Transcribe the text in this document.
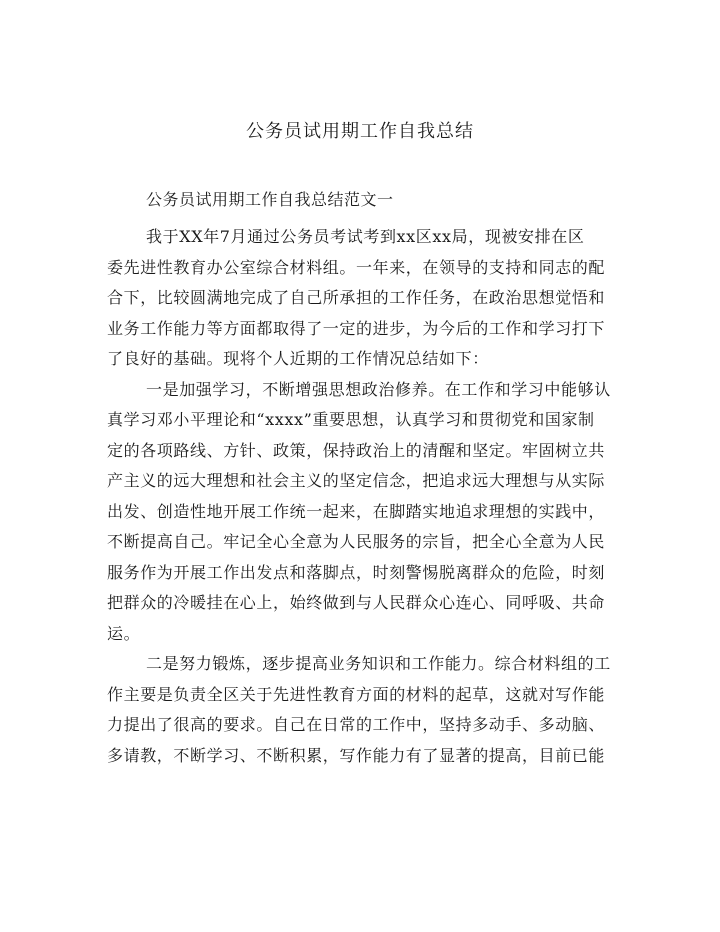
公务员试用期工作自我总结
公务员试用期工作自我总结范文一
我于XX年7月通过公务员考试考到xx区xx局，现被安排在区
委先进性教育办公室综合材料组。一年来，在领导的支持和同志的配
合下，比较圆满地完成了自己所承担的工作任务，在政治思想觉悟和
业务工作能力等方面都取得了一定的进步，为今后的工作和学习打下
了良好的基础。现将个人近期的工作情况总结如下：
一是加强学习，不断增强思想政治修养。在工作和学习中能够认
真学习邓小平理论和“xxxx”重要思想，认真学习和贯彻党和国家制
定的各项路线、方针、政策，保持政治上的清醒和坚定。牢固树立共
产主义的远大理想和社会主义的坚定信念，把追求远大理想与从实际
出发、创造性地开展工作统一起来，在脚踏实地追求理想的实践中，
不断提高自己。牢记全心全意为人民服务的宗旨，把全心全意为人民
服务作为开展工作出发点和落脚点，时刻警惕脱离群众的危险，时刻
把群众的冷暖挂在心上，始终做到与人民群众心连心、同呼吸、共命
运。
二是努力锻炼，逐步提高业务知识和工作能力。综合材料组的工
作主要是负责全区关于先进性教育方面的材料的起草，这就对写作能
力提出了很高的要求。自己在日常的工作中，坚持多动手、多动脑、
多请教，不断学习、不断积累，写作能力有了显著的提高，目前已能
